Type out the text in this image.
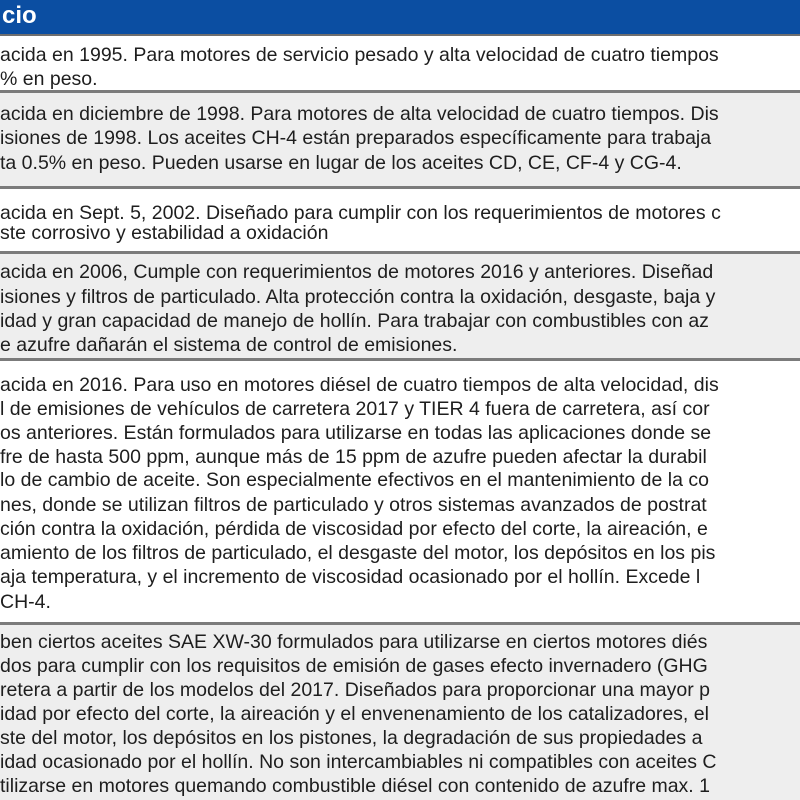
cio
acida en 1995. Para motores de servicio pesado y alta velocidad de cuatro tiempos
% en peso.
acida en diciembre de 1998. Para motores de alta velocidad de cuatro tiempos. Dis
isiones de 1998. Los aceites CH-4 están preparados específicamente para trabaja
ta 0.5% en peso. Pueden usarse en lugar de los aceites CD, CE, CF-4 y CG-4.
acida en Sept. 5, 2002. Diseñado para cumplir con los requerimientos de motores c
ste corrosivo y estabilidad a oxidación
acida en 2006, Cumple con requerimientos de motores 2016 y anteriores. Diseñad
isiones y filtros de particulado. Alta protección contra la oxidación, desgaste, baja y
idad y gran capacidad de manejo de hollín. Para trabajar con combustibles con az
e azufre dañarán el sistema de control de emisiones.
acida en 2016. Para uso en motores diésel de cuatro tiempos de alta velocidad, dis
l de emisiones de vehículos de carretera 2017 y TIER 4 fuera de carretera, así cor
os anteriores. Están formulados para utilizarse en todas las aplicaciones donde se
fre de hasta 500 ppm, aunque más de 15 ppm de azufre pueden afectar la durabil
lo de cambio de aceite. Son especialmente efectivos en el mantenimiento de la co
nes, donde se utilizan filtros de particulado y otros sistemas avanzados de postrat
ción contra la oxidación, pérdida de viscosidad por efecto del corte, la aireación, e
amiento de los filtros de particulado, el desgaste del motor, los depósitos en los pis
aja temperatura, y el incremento de viscosidad ocasionado por el hollín. Excede l
CH-4.
ben ciertos aceites SAE XW-30 formulados para utilizarse en ciertos motores diés
dos para cumplir con los requisitos de emisión de gases efecto invernadero (GHG
retera a partir de los modelos del 2017. Diseñados para proporcionar una mayor p
idad por efecto del corte, la aireación y el envenenamiento de los catalizadores, el
ste del motor, los depósitos en los pistones, la degradación de sus propiedades a
idad ocasionado por el hollín. No son intercambiables ni compatibles con aceites C
tilizarse en motores quemando combustible diésel con contenido de azufre max. 1
